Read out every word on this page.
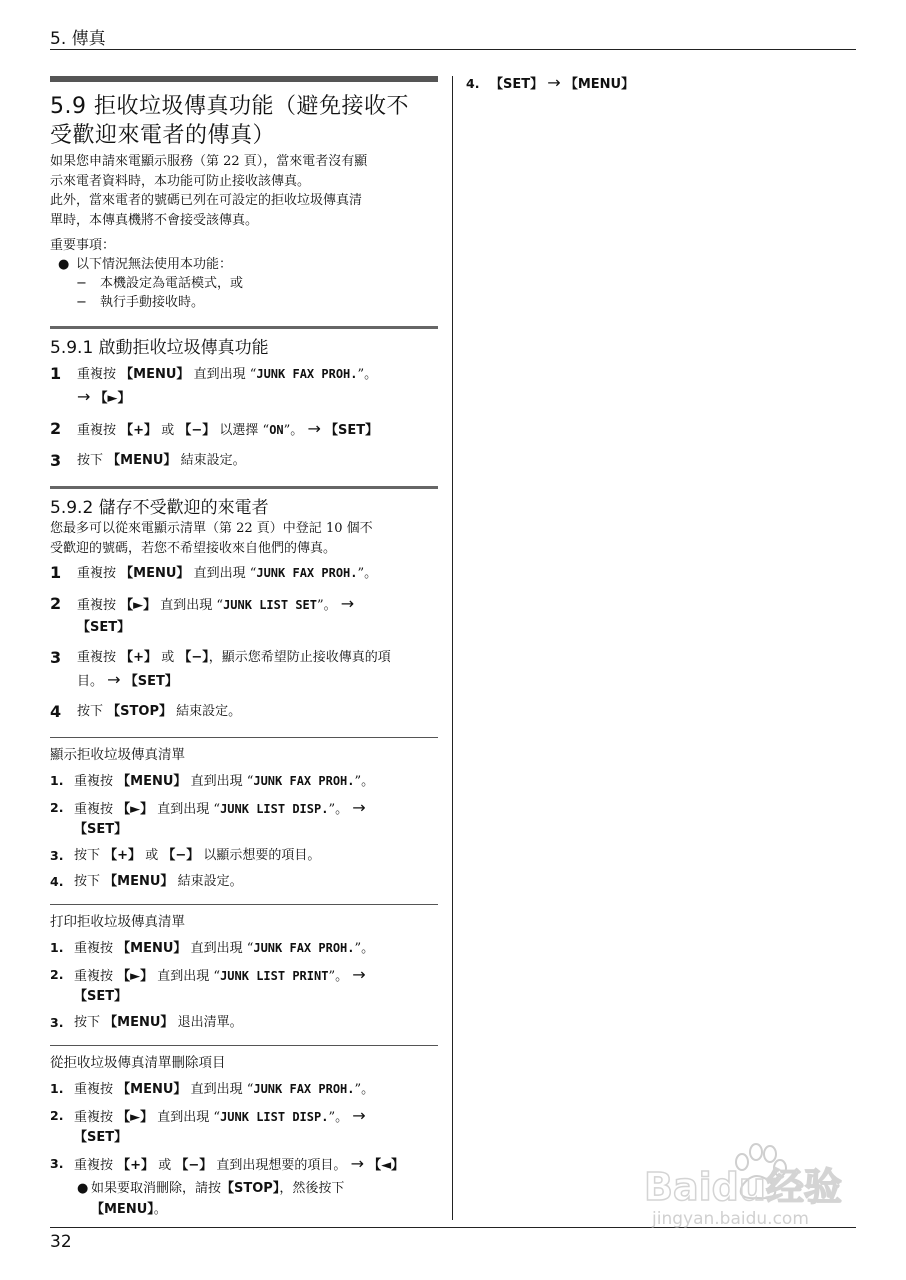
5. 傳真
5.9 拒收垃圾傳真功能（避免接收不
受歡迎來電者的傳真）

如果您申請來電顯示服務（第 22 頁），當來電者沒有顯
示來電者資料時，本功能可防止接收該傳真。
此外，當來電者的號碼已列在可設定的拒收垃圾傳真清
單時，本傳真機將不會接受該傳真。

重要事項：
● 以下情況無法使用本功能：
− 本機設定為電話模式，或
− 執行手動接收時。
5.9.1 啟動拒收垃圾傳真功能
1	重複按 【MENU】 直到出現 “JUNK FAX PROH.”。
→ 【►】
2	重複按 【+】 或 【−】 以選擇 “ON”。 → 【SET】
3	按下 【MENU】 結束設定。
5.9.2 儲存不受歡迎的來電者

您最多可以從來電顯示清單（第 22 頁）中登記 10 個不
受歡迎的號碼，若您不希望接收來自他們的傳真。

1	重複按 【MENU】 直到出現 “JUNK FAX PROH.”。
2	重複按 【►】 直到出現 “JUNK LIST SET”。 →
【SET】
3	重複按 【+】 或 【−】，顯示您希望防止接收傳真的項
目。 → 【SET】
4	按下 【STOP】 結束設定。
顯示拒收垃圾傳真清單
1. 重複按 【MENU】 直到出現 “JUNK FAX PROH.”。
2. 重複按 【►】 直到出現 “JUNK LIST DISP.”。 →
【SET】
3. 按下 【+】 或 【−】 以顯示想要的項目。
4. 按下 【MENU】 結束設定。
打印拒收垃圾傳真清單
1. 重複按 【MENU】 直到出現 “JUNK FAX PROH.”。
2. 重複按 【►】 直到出現 “JUNK LIST PRINT”。 →
【SET】
3. 按下 【MENU】 退出清單。
從拒收垃圾傳真清單刪除項目
1. 重複按 【MENU】 直到出現 “JUNK FAX PROH.”。
2. 重複按 【►】 直到出現 “JUNK LIST DISP.”。 →
【SET】
3. 重複按 【+】 或 【−】 直到出現想要的項目。 → 【◄】
● 如果要取消刪除，請按【STOP】，然後按下
【MENU】。
4. 【SET】 → 【MENU】
32
Baidu经验
jingyan.baidu.com
